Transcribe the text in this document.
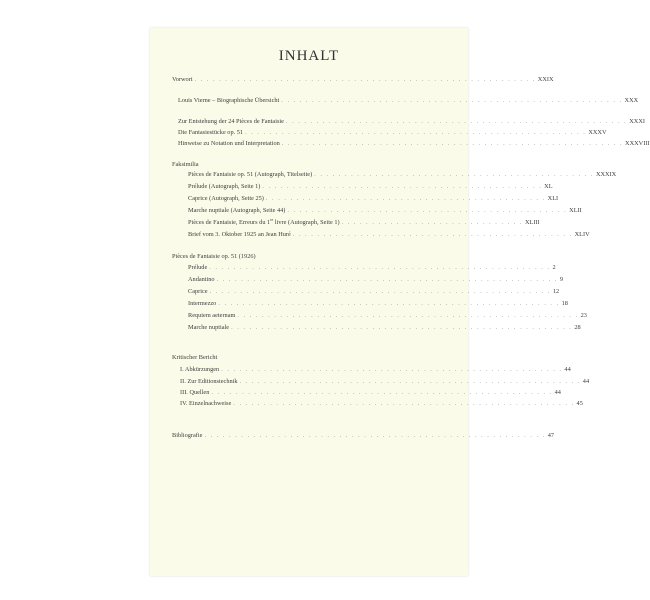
INHALT
Vorwort . . . . . . . . . . . . . . . . . . . . . . . . . . . . . . . . . . . . . . . . . . . . . . . . . . . . . . . . XXIX
Louis Vierne – Biographische Übersicht . . . . . . . . . . . . . . . . . . . . . . . . . . . . . . . . . . . . . . . . . . . . . . . . . . . . . . . . XXX
Zur Entstehung der 24 Pièces de Fantaisie . . . . . . . . . . . . . . . . . . . . . . . . . . . . . . . . . . . . . . . . . . . . . . . . . . . . . . . . XXXI
Die Fantasiestücke op. 51 . . . . . . . . . . . . . . . . . . . . . . . . . . . . . . . . . . . . . . . . . . . . . . . . . . . . . . . . XXXV
Hinweise zu Notation und Interpretation . . . . . . . . . . . . . . . . . . . . . . . . . . . . . . . . . . . . . . . . . . . . . . . . . . . . . . . . XXXVIII
Faksimilia
Pièces de Fantaisie op. 51 (Autograph, Titelseite) . . . . . . . . . . . . . . . . . . . . . . . . . . . . . . . . . . . . . . . . . . . . . . XXXIX
Prélude (Autograph, Seite 1) . . . . . . . . . . . . . . . . . . . . . . . . . . . . . . . . . . . . . . . . . . . . . . XL
Caprice (Autograph, Seite 25) . . . . . . . . . . . . . . . . . . . . . . . . . . . . . . . . . . . . . . . . . . . . . . XLI
Marche nuptiale (Autograph, Seite 44) . . . . . . . . . . . . . . . . . . . . . . . . . . . . . . . . . . . . . . . . . . . . . . XLII
Pièces de Fantaisie, Erreurs du 1re livre (Autograph, Seite 1) . . . . . . . . . . . . . . . . . . . . . . . . . . . . . . XLIII
Brief vom 3. Oktober 1925 an Jean Huré . . . . . . . . . . . . . . . . . . . . . . . . . . . . . . . . . . . . . . . . . . . . . . XLIV
Pièces de Fantaisie op. 51 (1926)
Prélude . . . . . . . . . . . . . . . . . . . . . . . . . . . . . . . . . . . . . . . . . . . . . . . . . . . . . . . . 2
Andantino . . . . . . . . . . . . . . . . . . . . . . . . . . . . . . . . . . . . . . . . . . . . . . . . . . . . . . . . 9
Caprice . . . . . . . . . . . . . . . . . . . . . . . . . . . . . . . . . . . . . . . . . . . . . . . . . . . . . . . . 12
Intermezzo . . . . . . . . . . . . . . . . . . . . . . . . . . . . . . . . . . . . . . . . . . . . . . . . . . . . . . . . 18
Requiem aeternam . . . . . . . . . . . . . . . . . . . . . . . . . . . . . . . . . . . . . . . . . . . . . . . . . . . . . . . . 23
Marche nuptiale . . . . . . . . . . . . . . . . . . . . . . . . . . . . . . . . . . . . . . . . . . . . . . . . . . . . . . . . 28
Kritischer Bericht
I. Abkürzungen . . . . . . . . . . . . . . . . . . . . . . . . . . . . . . . . . . . . . . . . . . . . . . . . . . . . . . . . 44
II. Zur Editionstechnik . . . . . . . . . . . . . . . . . . . . . . . . . . . . . . . . . . . . . . . . . . . . . . . . . . . . . . . . 44
III. Quellen . . . . . . . . . . . . . . . . . . . . . . . . . . . . . . . . . . . . . . . . . . . . . . . . . . . . . . . . 44
IV. Einzelnachweise . . . . . . . . . . . . . . . . . . . . . . . . . . . . . . . . . . . . . . . . . . . . . . . . . . . . . . . . 45
Bibliografie . . . . . . . . . . . . . . . . . . . . . . . . . . . . . . . . . . . . . . . . . . . . . . . . . . . . . . . . 47
